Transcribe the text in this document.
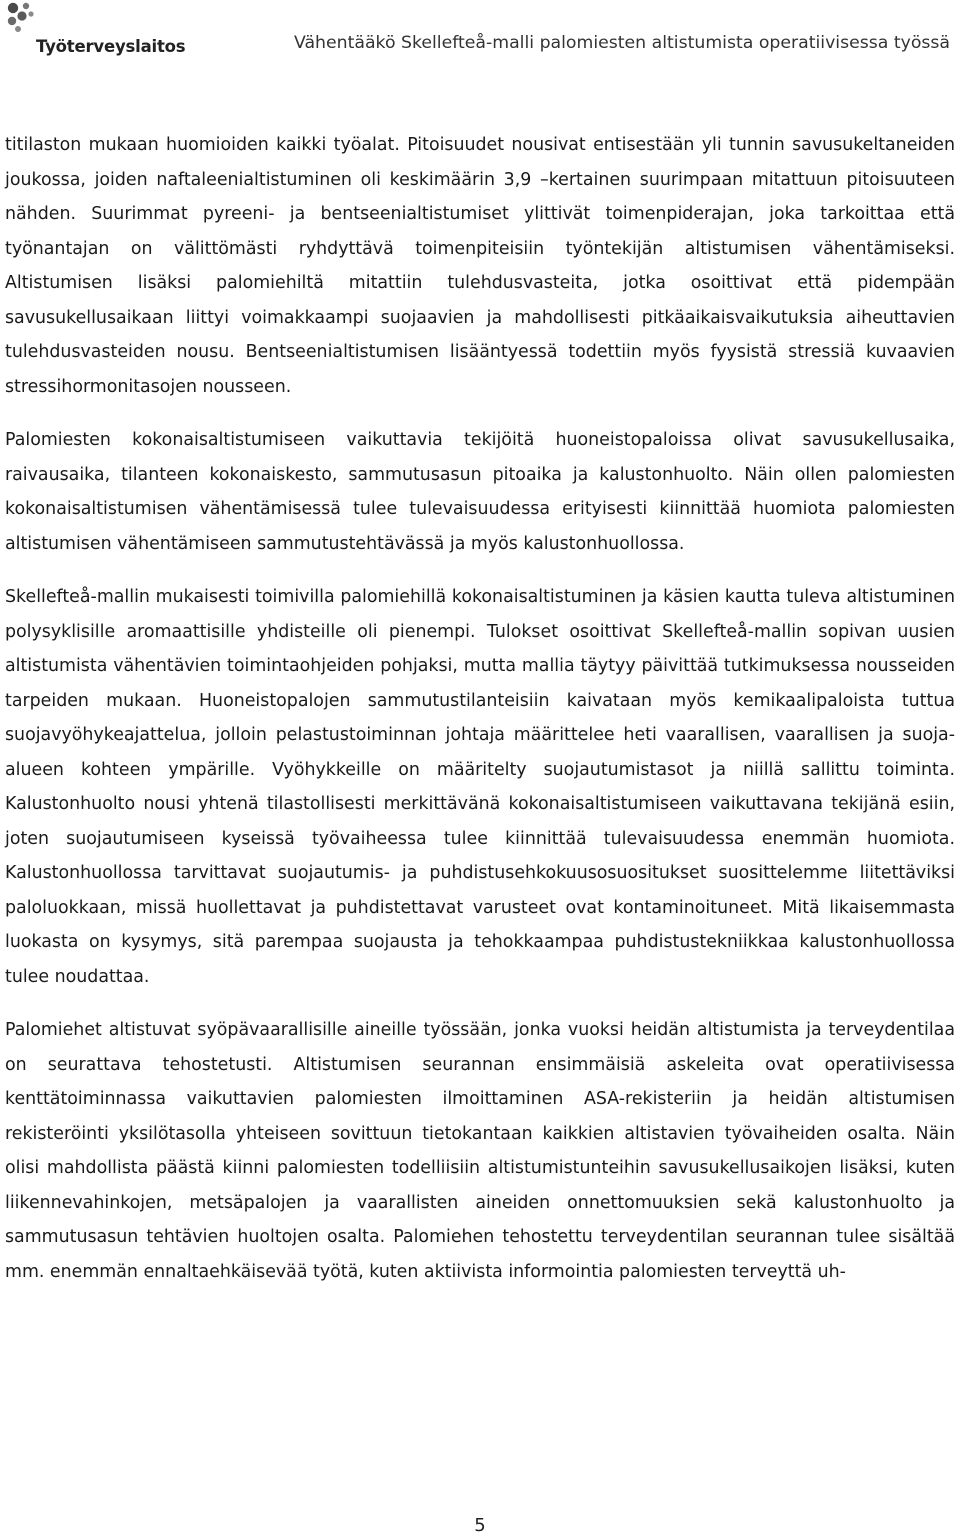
Työterveyslaitos	Vähentääkö Skellefteå-malli palomiesten altistumista operatiivisessa työssä

titilaston mukaan huomioiden kaikki työalat. Pitoisuudet nousivat entisestään yli tunnin savusukeltaneiden joukossa, joiden naftaleenialtistuminen oli keskimäärin 3,9 –kertainen suurimpaan mitattuun pitoisuuteen nähden. Suurimmat pyreeni- ja bentseenialtistumiset ylittivät toimenpiderajan, joka tarkoittaa että työnantajan on välittömästi ryhdyttävä toimenpiteisiin työntekijän altistumisen vähentämiseksi. Altistumisen lisäksi palomiehiltä mitattiin tulehdusvasteita, jotka osoittivat että pidempään savusukellusaikaan liittyi voimakkaampi suojaavien ja mahdollisesti pitkäaikaisvaikutuksia aiheuttavien tulehdusvasteiden nousu. Bentseenialtistumisen lisääntyessä todettiin myös fyysistä stressiä kuvaavien stressihormonitasojen nousseen.

Palomiesten kokonaisaltistumiseen vaikuttavia tekijöitä huoneistopaloissa olivat savusukellusaika, raivausaika, tilanteen kokonaiskesto, sammutusasun pitoaika ja kalustonhuolto. Näin ollen palomiesten kokonaisaltistumisen vähentämisessä tulee tulevaisuudessa erityisesti kiinnittää huomiota palomiesten altistumisen vähentämiseen sammutustehtävässä ja myös kalustonhuollossa.

Skellefteå-mallin mukaisesti toimivilla palomiehillä kokonaisaltistuminen ja käsien kautta tuleva altistuminen polysyklisille aromaattisille yhdisteille oli pienempi. Tulokset osoittivat Skellefteå-mallin sopivan uusien altistumista vähentävien toimintaohjeiden pohjaksi, mutta mallia täytyy päivittää tutkimuksessa nousseiden tarpeiden mukaan. Huoneistopalojen sammutustilanteisiin kaivataan myös kemikaalipaloista tuttua suojavyöhykeajattelua, jolloin pelastustoiminnan johtaja määrittelee heti vaarallisen, vaarallisen ja suoja-alueen kohteen ympärille. Vyöhykkeille on määritelty suojautumistasot ja niillä sallittu toiminta. Kalustonhuolto nousi yhtenä tilastollisesti merkittävänä kokonaisaltistumiseen vaikuttavana tekijänä esiin, joten suojautumiseen kyseissä työvaiheessa tulee kiinnittää tulevaisuudessa enemmän huomiota. Kalustonhuollossa tarvittavat suojautumis- ja puhdistusehkokuusosuositukset suosittelemme liitettäviksi paloluokkaan, missä huollettavat ja puhdistettavat varusteet ovat kontaminoituneet. Mitä likaisemmasta luokasta on kysymys, sitä parempaa suojausta ja tehokkaampaa puhdistustekniikkaa kalustonhuollossa tulee noudattaa.

Palomiehet altistuvat syöpävaarallisille aineille työssään, jonka vuoksi heidän altistumista ja terveydentilaa on seurattava tehostetusti. Altistumisen seurannan ensimmäisiä askeleita ovat operatiivisessa kenttätoiminnassa vaikuttavien palomiesten ilmoittaminen ASA-rekisteriin ja heidän altistumisen rekisteröinti yksilötasolla yhteiseen sovittuun tietokantaan kaikkien altistavien työvaiheiden osalta. Näin olisi mahdollista päästä kiinni palomiesten todelliisiin altistumistunteihin savusukellusaikojen lisäksi, kuten liikennevahinkojen, metsäpalojen ja vaarallisten aineiden onnettomuuksien sekä kalustonhuolto ja sammutusasun tehtävien huoltojen osalta. Palomiehen tehostettu terveydentilan seurannan tulee sisältää mm. enemmän ennaltaehkäisevää työtä, kuten aktiivista informointia palomiesten terveyttä uh-

5
